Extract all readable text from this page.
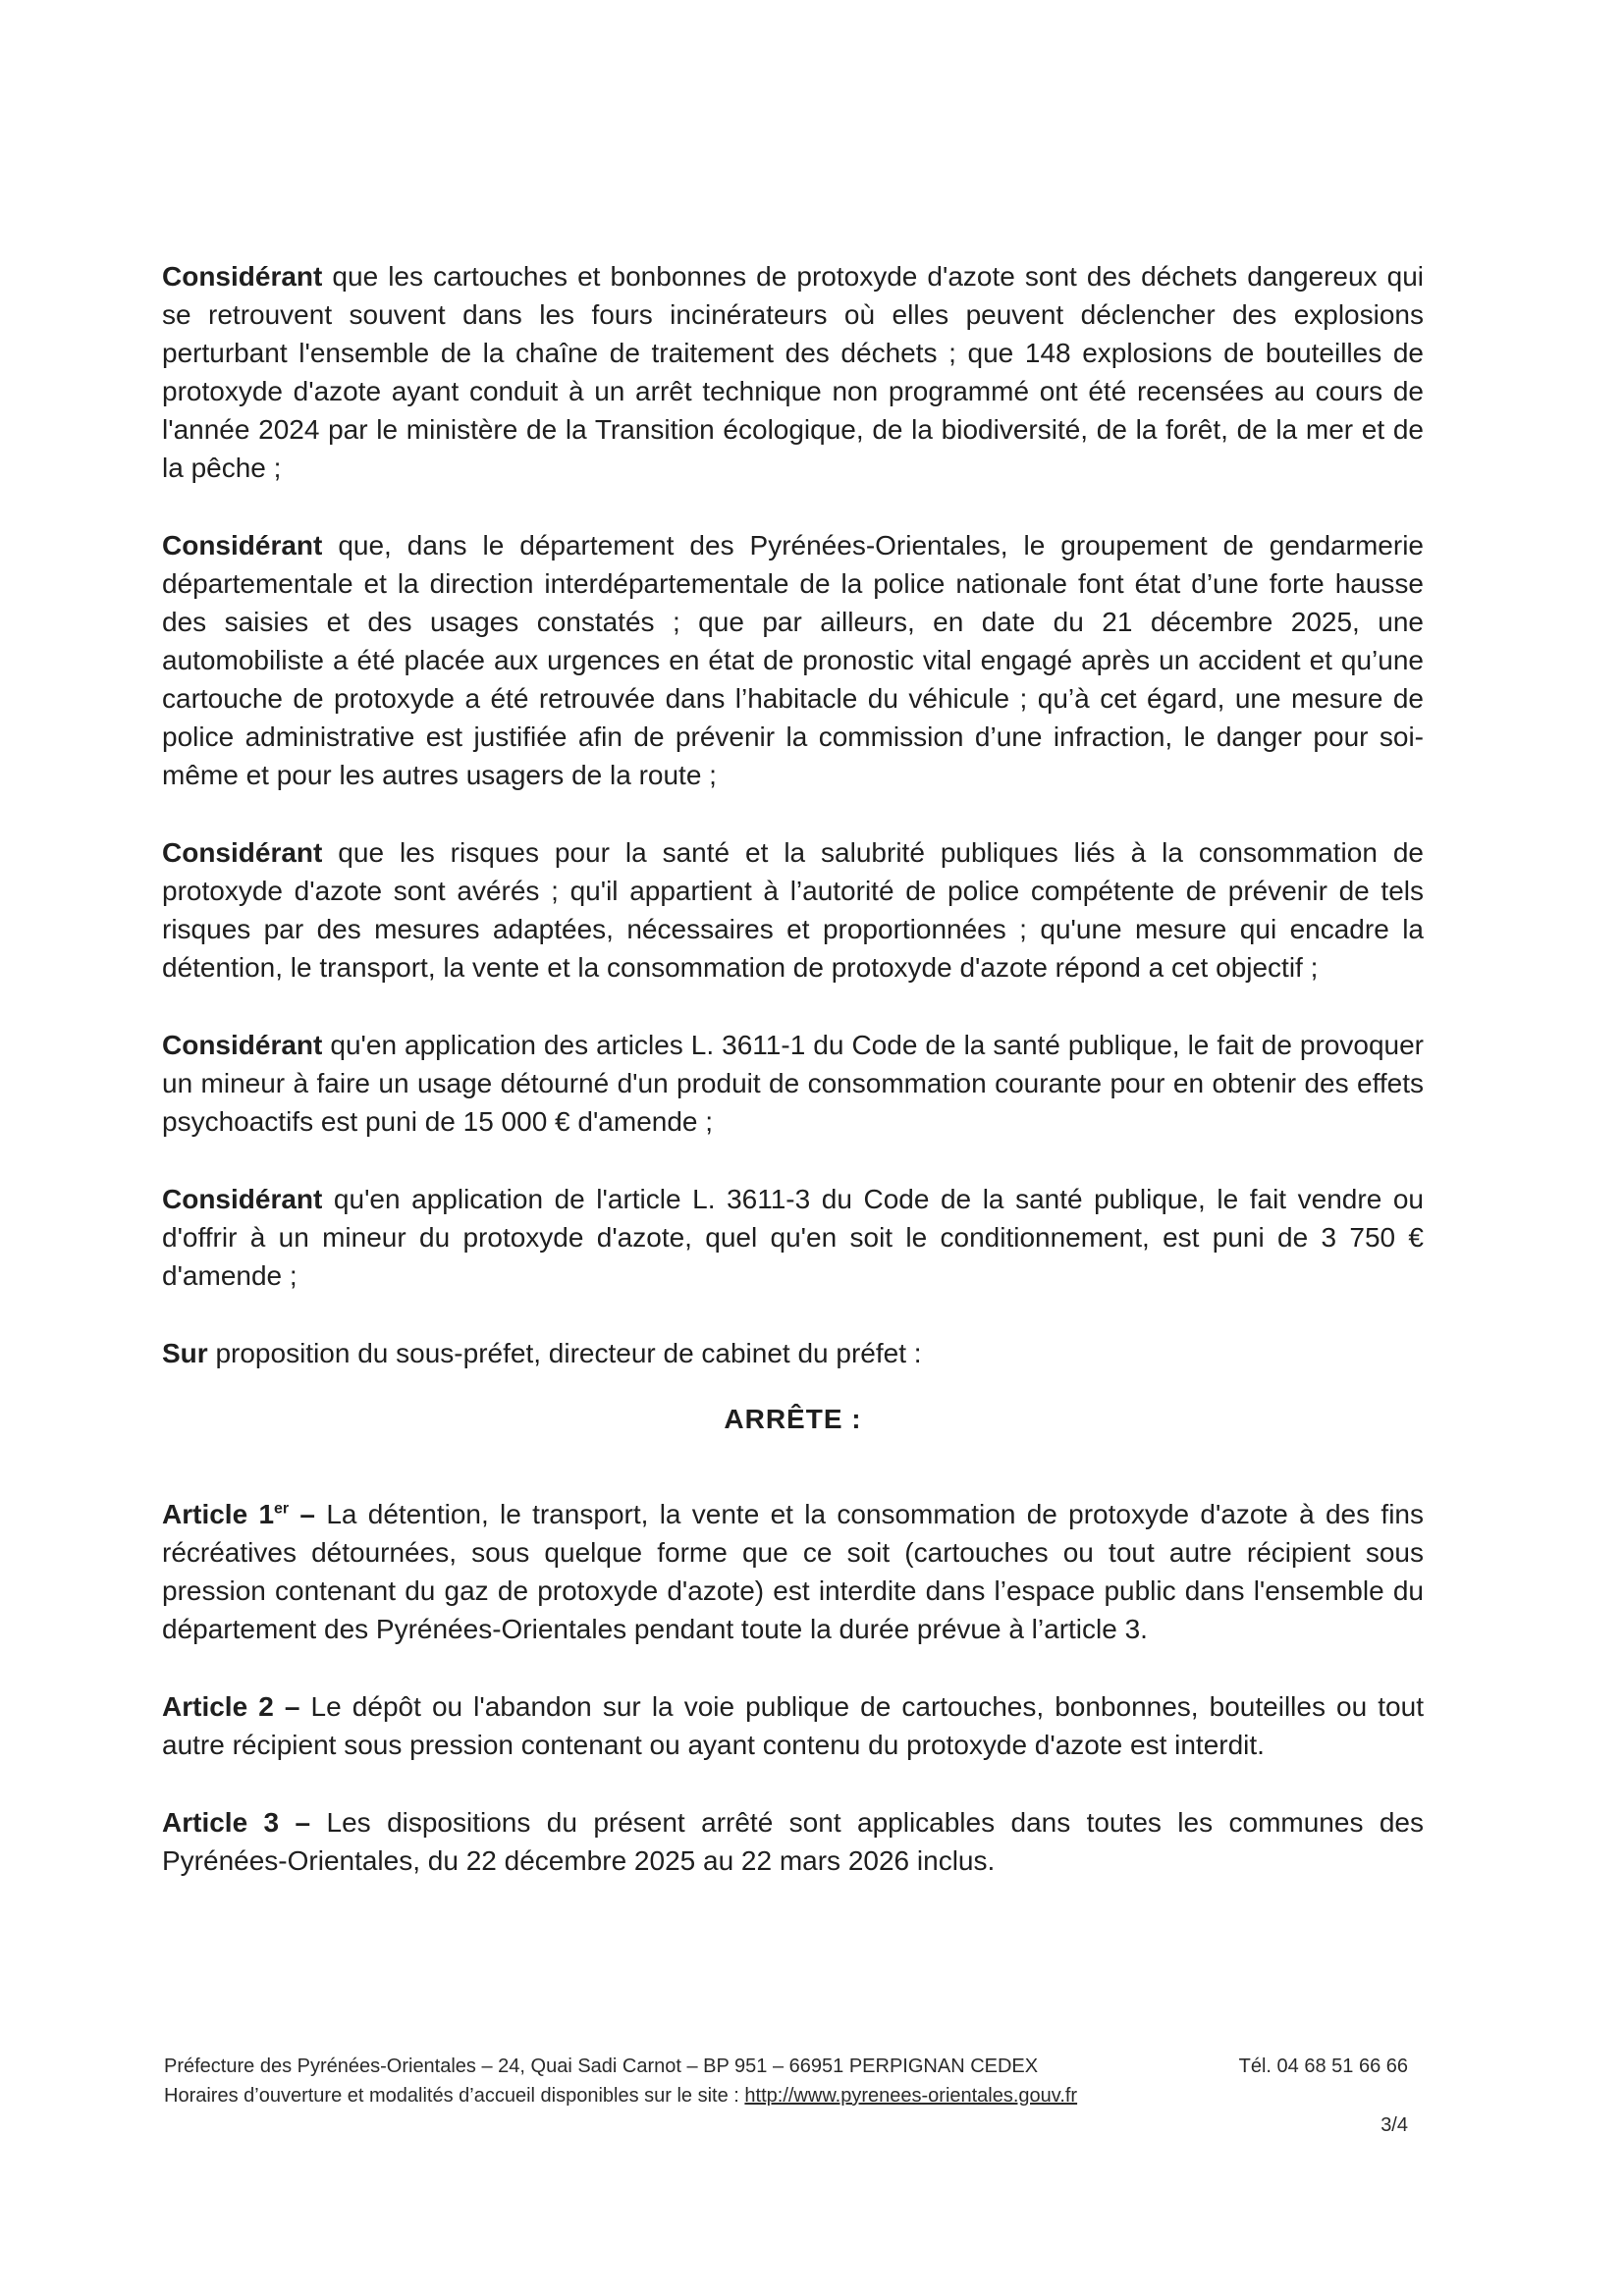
Considérant que les cartouches et bonbonnes de protoxyde d'azote sont des déchets dangereux qui se retrouvent souvent dans les fours incinérateurs où elles peuvent déclencher des explosions perturbant l'ensemble de la chaîne de traitement des déchets ; que 148 explosions de bouteilles de protoxyde d'azote ayant conduit à un arrêt technique non programmé ont été recensées au cours de l'année 2024 par le ministère de la Transition écologique, de la biodiversité, de la forêt, de la mer et de la pêche ;

Considérant que, dans le département des Pyrénées-Orientales, le groupement de gendarmerie départementale et la direction interdépartementale de la police nationale font état d’une forte hausse des saisies et des usages constatés ; que par ailleurs, en date du 21 décembre 2025, une automobiliste a été placée aux urgences en état de pronostic vital engagé après un accident et qu’une cartouche de protoxyde a été retrouvée dans l’habitacle du véhicule ; qu’à cet égard, une mesure de police administrative est justifiée afin de prévenir la commission d’une infraction, le danger pour soi-même et pour les autres usagers de la route ;

Considérant que les risques pour la santé et la salubrité publiques liés à la consommation de protoxyde d'azote sont avérés ; qu'il appartient à l’autorité de police compétente de prévenir de tels risques par des mesures adaptées, nécessaires et proportionnées ; qu'une mesure qui encadre la détention, le transport, la vente et la consommation de protoxyde d'azote répond a cet objectif ;

Considérant qu'en application des articles L. 3611-1 du Code de la santé publique, le fait de provoquer un mineur à faire un usage détourné d'un produit de consommation courante pour en obtenir des effets psychoactifs est puni de 15 000 € d'amende ;

Considérant qu'en application de l'article L. 3611-3 du Code de la santé publique, le fait vendre ou d'offrir à un mineur du protoxyde d'azote, quel qu'en soit le conditionnement, est puni de 3 750 € d'amende ;

Sur proposition du sous-préfet, directeur de cabinet du préfet :

ARRÊTE :

Article 1er – La détention, le transport, la vente et la consommation de protoxyde d'azote à des fins récréatives détournées, sous quelque forme que ce soit (cartouches ou tout autre récipient sous pression contenant du gaz de protoxyde d'azote) est interdite dans l’espace public dans l'ensemble du département des Pyrénées-Orientales pendant toute la durée prévue à l’article 3.

Article 2 – Le dépôt ou l'abandon sur la voie publique de cartouches, bonbonnes, bouteilles ou tout autre récipient sous pression contenant ou ayant contenu du protoxyde d'azote est interdit.

Article 3 – Les dispositions du présent arrêté sont applicables dans toutes les communes des Pyrénées-Orientales, du 22 décembre 2025 au 22 mars 2026 inclus.

Préfecture des Pyrénées-Orientales – 24, Quai Sadi Carnot – BP 951 – 66951 PERPIGNAN CEDEX
Horaires d’ouverture et modalités d’accueil disponibles sur le site : http://www.pyrenees-orientales.gouv.fr
Tél. 04 68 51 66 66
3/4
